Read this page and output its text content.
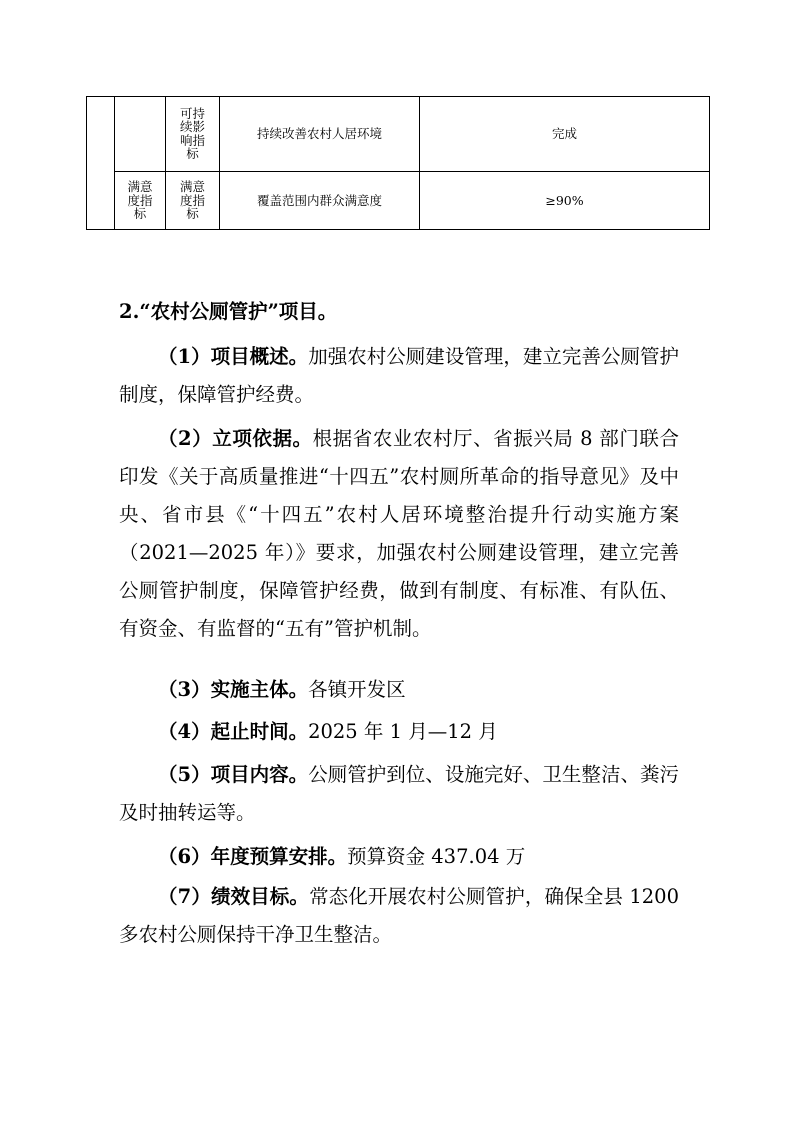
		可持续影响指标	持续改善农村人居环境	完成
	满意度指标	满意度指标	覆盖范围内群众满意度	≥90%

2.“农村公厕管护”项目。

（1）项目概述。加强农村公厕建设管理，建立完善公厕管护制度，保障管护经费。

（2）立项依据。根据省农业农村厅、省振兴局 8 部门联合印发《关于高质量推进“十四五”农村厕所革命的指导意见》及中央、省市县《“十四五”农村人居环境整治提升行动实施方案（2021—2025 年）》要求，加强农村公厕建设管理，建立完善公厕管护制度，保障管护经费，做到有制度、有标准、有队伍、有资金、有监督的“五有”管护机制。

（3）实施主体。各镇开发区

（4）起止时间。2025 年 1 月—12 月

（5）项目内容。公厕管护到位、设施完好、卫生整洁、粪污及时抽转运等。

（6）年度预算安排。预算资金 437.04 万

（7）绩效目标。常态化开展农村公厕管护，确保全县 1200 多农村公厕保持干净卫生整洁。
